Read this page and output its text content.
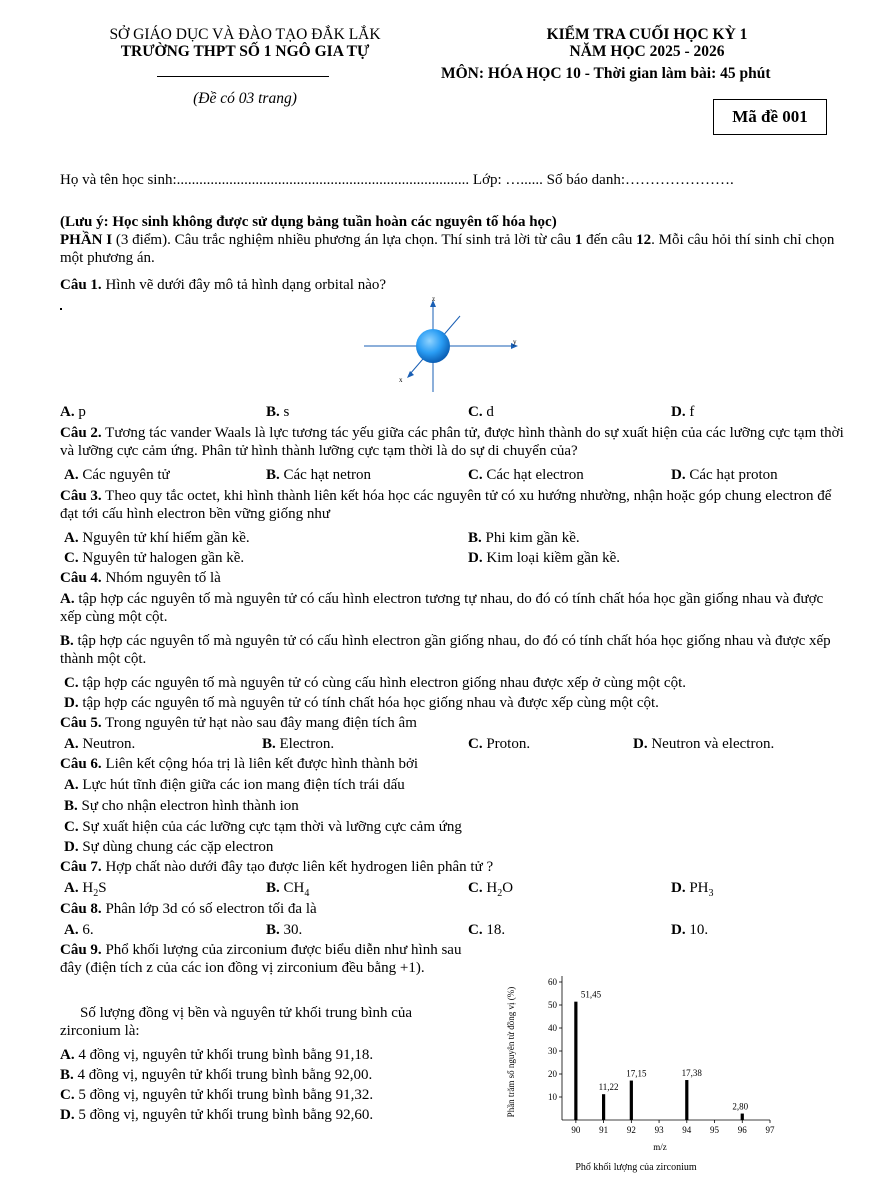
SỞ GIÁO DỤC VÀ ĐÀO TẠO ĐẮK LẮK
TRƯỜNG THPT SỐ 1 NGÔ GIA TỰ
(Đề có 03 trang)
KIỂM TRA CUỐI HỌC KỲ 1
NĂM HỌC 2025 - 2026
MÔN: HÓA HỌC 10 - Thời gian làm bài: 45 phút
Mã đề 001
Họ và tên học sinh:.............................................................................. Lớp: …...... Số báo danh:………………….
(Lưu ý: Học sinh không được sử dụng bảng tuần hoàn các nguyên tố hóa học)
PHẦN I (3 điểm). Câu trắc nghiệm nhiều phương án lựa chọn. Thí sinh trả lời từ câu 1 đến câu 12. Mỗi câu hỏi thí sinh chỉ chọn một phương án.
Câu 1. Hình vẽ dưới đây mô tả hình dạng orbital nào?
z
y
x
A. p	B. s	C. d	D. f
Câu 2. Tương tác vander Waals là lực tương tác yếu giữa các phân tử, được hình thành do sự xuất hiện của các lưỡng cực tạm thời và lưỡng cực cảm ứng. Phân tử hình thành lưỡng cực tạm thời là do sự di chuyển của?
A. Các nguyên tử	B. Các hạt netron	C. Các hạt electron	D. Các hạt proton
Câu 3. Theo quy tắc octet, khi hình thành liên kết hóa học các nguyên tử có xu hướng nhường, nhận hoặc góp chung electron để đạt tới cấu hình electron bền vững giống như
A. Nguyên tử khí hiếm gần kề.	B. Phi kim gần kề.
C. Nguyên tử halogen gần kề.	D. Kim loại kiềm gần kề.
Câu 4. Nhóm nguyên tố là
A. tập hợp các nguyên tố mà nguyên tử có cấu hình electron tương tự nhau, do đó có tính chất hóa học gần giống nhau và được xếp cùng một cột.
B. tập hợp các nguyên tố mà nguyên tử có cấu hình electron gần giống nhau, do đó có tính chất hóa học giống nhau và được xếp thành một cột.
C. tập hợp các nguyên tố mà nguyên tử có cùng cấu hình electron giống nhau được xếp ở cùng một cột.
D. tập hợp các nguyên tố mà nguyên tử có tính chất hóa học giống nhau và được xếp cùng một cột.
Câu 5. Trong nguyên tử hạt nào sau đây mang điện tích âm
A. Neutron.	B. Electron.	C. Proton.	D. Neutron và electron.
Câu 6. Liên kết cộng hóa trị là liên kết được hình thành bởi
A. Lực hút tĩnh điện giữa các ion mang điện tích trái dấu
B. Sự cho nhận electron hình thành ion
C. Sự xuất hiện của các lưỡng cực tạm thời và lưỡng cực cảm ứng
D. Sự dùng chung các cặp electron
Câu 7. Hợp chất nào dưới đây tạo được liên kết hydrogen liên phân tử ?
A. $H_2S$	B. $CH_4$	C. $H_2O$	D. $PH_3$
Câu 8. Phân lớp 3d có số electron tối đa là
A. 6.	B. 30.	C. 18.	D. 10.
Câu 9. Phổ khối lượng của zirconium được biểu diễn như hình sau đây (điện tích z của các ion đồng vị zirconium đều bằng +1).
Số lượng đồng vị bền và nguyên tử khối trung bình của zirconium là:
A. 4 đồng vị, nguyên tử khối trung bình bằng 91,18.
B. 4 đồng vị, nguyên tử khối trung bình bằng 92,00.
C. 5 đồng vị, nguyên tử khối trung bình bằng 91,32.
D. 5 đồng vị, nguyên tử khối trung bình bằng 92,60.
10
20
30
40
50
60
90 91 92 93 94 95 96 97
51,45
11,22
17,15	17,38
2,80
Phần trăm số nguyên tử đồng vị (%)
m/z
Phổ khối lượng của zirconium
